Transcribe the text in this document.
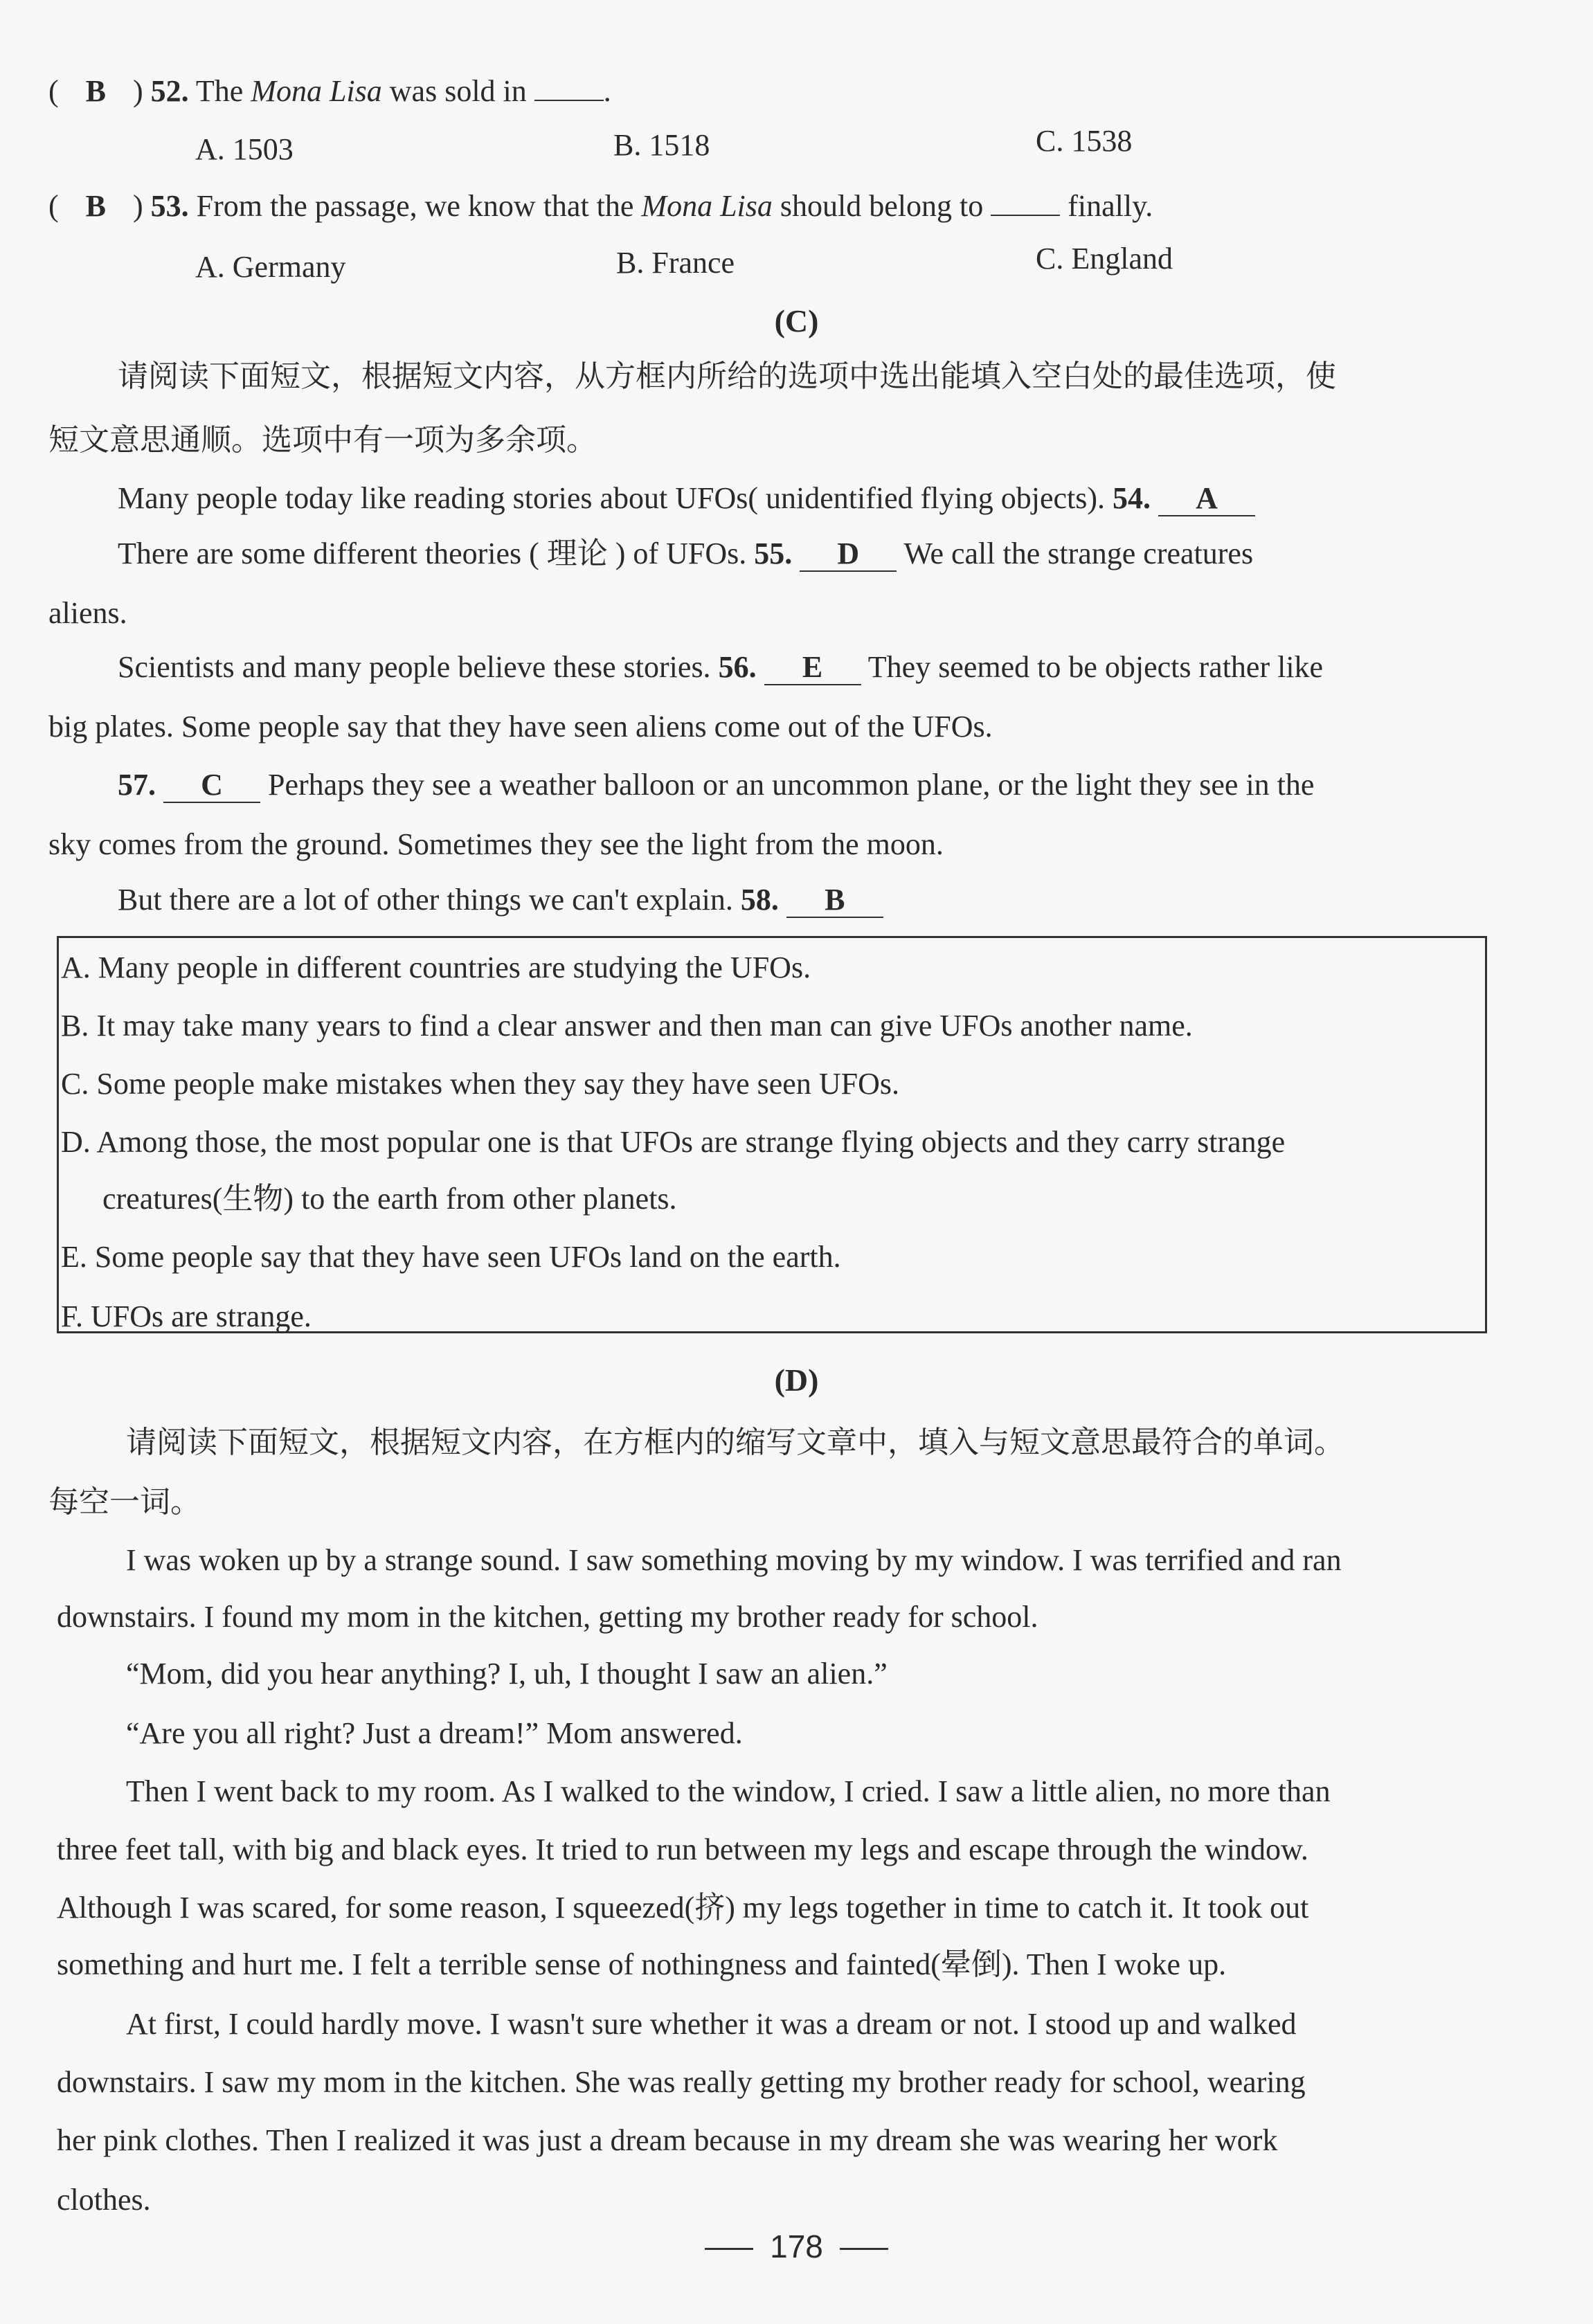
( B ) 52. The Mona Lisa was sold in	.
A. 1503	B. 1518	C. 1538
( B ) 53. From the passage, we know that the Mona Lisa should belong to	finally.
A. Germany	B. France	C. England
(C)
请阅读下面短文，根据短文内容，从方框内所给的选项中选出能填入空白处的最佳选项，使
短文意思通顺。选项中有一项为多余项。
Many people today like reading stories about UFOs( unidentified flying objects). 54. A
There are some different theories ( 理论 ) of UFOs. 55. D We call the strange creatures
aliens.
Scientists and many people believe these stories. 56. E They seemed to be objects rather like
big plates. Some people say that they have seen aliens come out of the UFOs.
57. C Perhaps they see a weather balloon or an uncommon plane, or the light they see in the
sky comes from the ground. Sometimes they see the light from the moon.
But there are a lot of other things we can't explain. 58. B
A. Many people in different countries are studying the UFOs.
B. It may take many years to find a clear answer and then man can give UFOs another name.
C. Some people make mistakes when they say they have seen UFOs.
D. Among those, the most popular one is that UFOs are strange flying objects and they carry strange
creatures(生物) to the earth from other planets.
E. Some people say that they have seen UFOs land on the earth.
F. UFOs are strange.
(D)
请阅读下面短文，根据短文内容，在方框内的缩写文章中，填入与短文意思最符合的单词。
每空一词。
I was woken up by a strange sound. I saw something moving by my window. I was terrified and ran
downstairs. I found my mom in the kitchen, getting my brother ready for school.
“Mom, did you hear anything? I, uh, I thought I saw an alien.”
“Are you all right? Just a dream!” Mom answered.
Then I went back to my room. As I walked to the window, I cried. I saw a little alien, no more than
three feet tall, with big and black eyes. It tried to run between my legs and escape through the window.
Although I was scared, for some reason, I squeezed(挤) my legs together in time to catch it. It took out
something and hurt me. I felt a terrible sense of nothingness and fainted(晕倒). Then I woke up.
At first, I could hardly move. I wasn't sure whether it was a dream or not. I stood up and walked
downstairs. I saw my mom in the kitchen. She was really getting my brother ready for school, wearing
her pink clothes. Then I realized it was just a dream because in my dream she was wearing her work
clothes.
178
